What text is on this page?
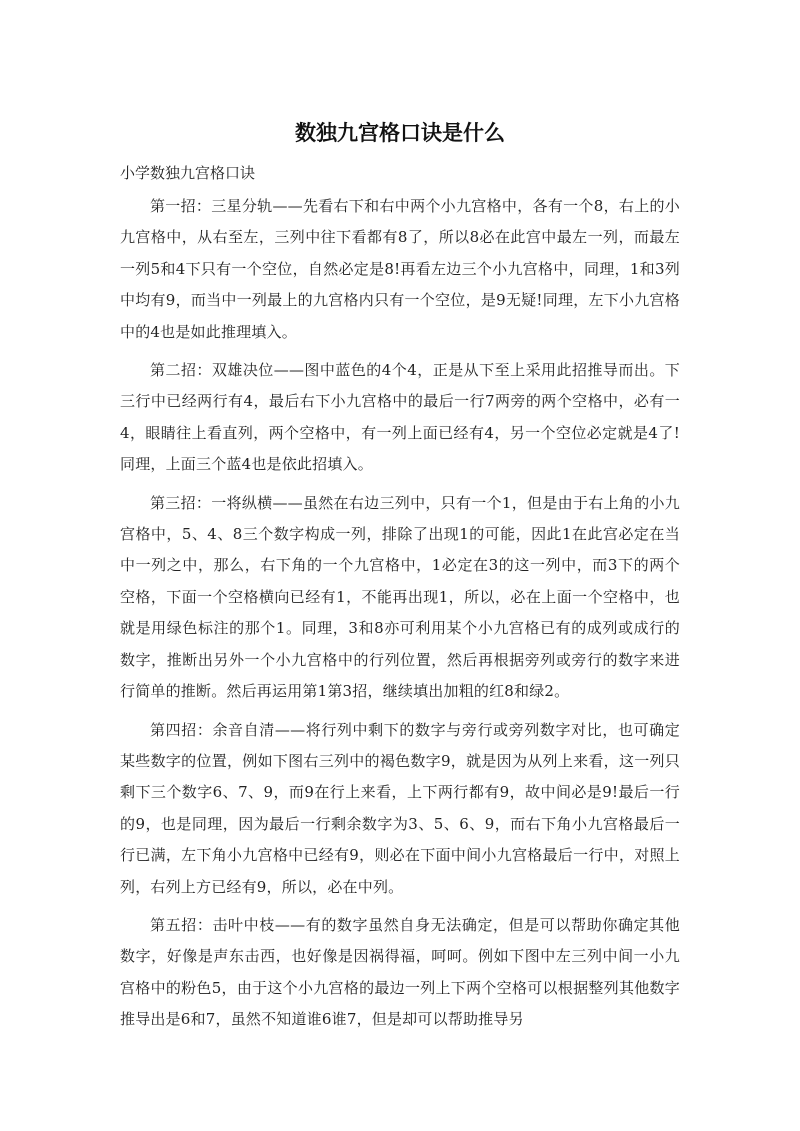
数独九宫格口诀是什么
小学数独九宫格口诀

第一招：三星分轨——先看右下和右中两个小九宫格中，各有一个8，右上的小九宫格中，从右至左，三列中往下看都有8了，所以8必在此宫中最左一列，而最左一列5和4下只有一个空位，自然必定是8!再看左边三个小九宫格中，同理，1和3列中均有9，而当中一列最上的九宫格内只有一个空位，是9无疑!同理，左下小九宫格中的4也是如此推理填入。

第二招：双雄决位——图中蓝色的4个4，正是从下至上采用此招推导而出。下三行中已经两行有4，最后右下小九宫格中的最后一行7两旁的两个空格中，必有一4，眼睛往上看直列，两个空格中，有一列上面已经有4，另一个空位必定就是4了!同理，上面三个蓝4也是依此招填入。

第三招：一将纵横——虽然在右边三列中，只有一个1，但是由于右上角的小九宫格中，5、4、8三个数字构成一列，排除了出现1的可能，因此1在此宫必定在当中一列之中，那么，右下角的一个九宫格中，1必定在3的这一列中，而3下的两个空格，下面一个空格横向已经有1，不能再出现1，所以，必在上面一个空格中，也就是用绿色标注的那个1。同理，3和8亦可利用某个小九宫格已有的成列或成行的数字，推断出另外一个小九宫格中的行列位置，然后再根据旁列或旁行的数字来进行简单的推断。然后再运用第1第3招，继续填出加粗的红8和绿2。

第四招：余音自清——将行列中剩下的数字与旁行或旁列数字对比，也可确定某些数字的位置，例如下图右三列中的褐色数字9，就是因为从列上来看，这一列只剩下三个数字6、7、9，而9在行上来看，上下两行都有9，故中间必是9!最后一行的9，也是同理，因为最后一行剩余数字为3、5、6、9，而右下角小九宫格最后一行已满，左下角小九宫格中已经有9，则必在下面中间小九宫格最后一行中，对照上列，右列上方已经有9，所以，必在中列。

第五招：击叶中枝——有的数字虽然自身无法确定，但是可以帮助你确定其他数字，好像是声东击西，也好像是因祸得福，呵呵。例如下图中左三列中间一小九宫格中的粉色5，由于这个小九宫格的最边一列上下两个空格可以根据整列其他数字推导出是6和7，虽然不知道谁6谁7，但是却可以帮助推导另
